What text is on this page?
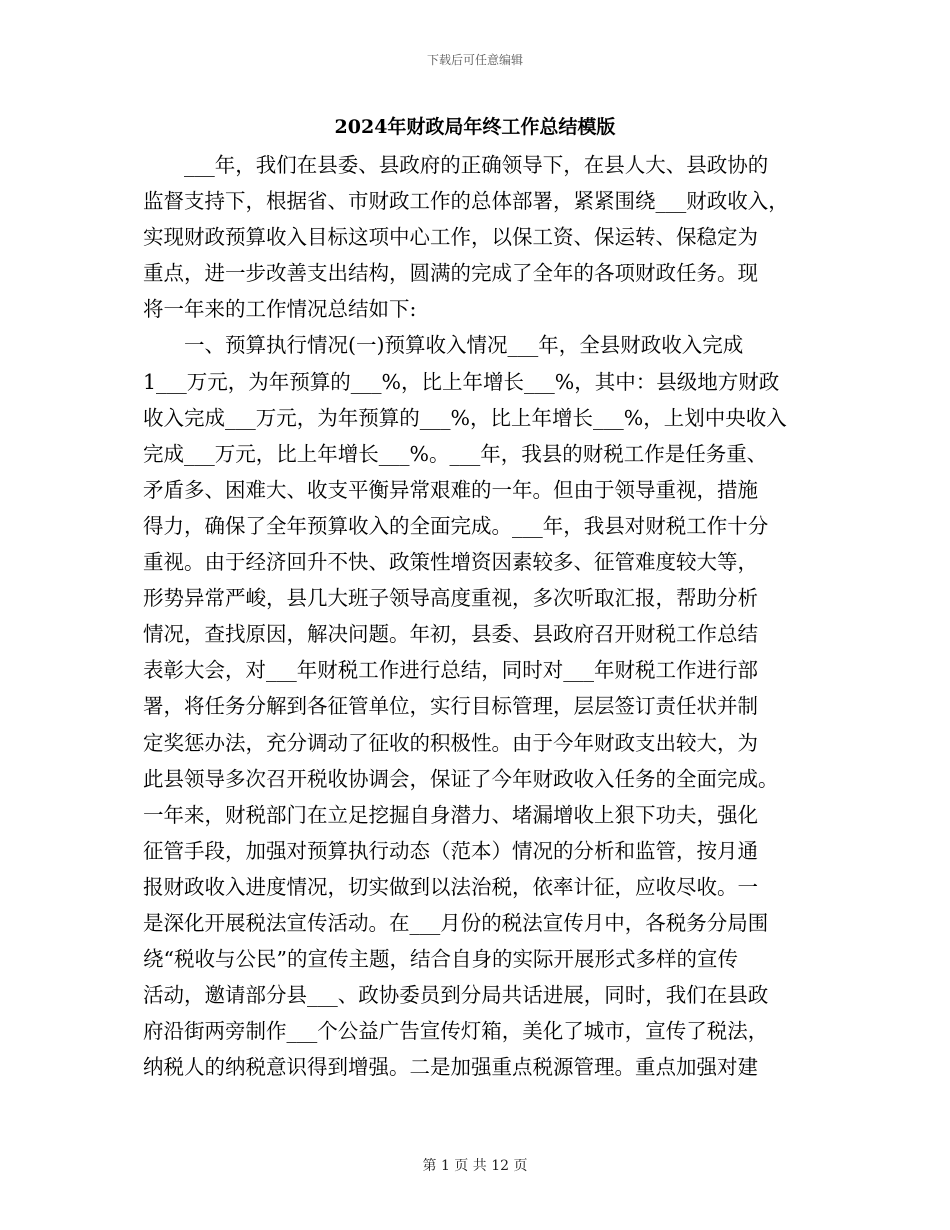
下载后可任意编辑
2024年财政局年终工作总结模版
___年，我们在县委、县政府的正确领导下，在县人大、县政协的
监督支持下，根据省、市财政工作的总体部署，紧紧围绕___财政收入，
实现财政预算收入目标这项中心工作，以保工资、保运转、保稳定为
重点，进一步改善支出结构，圆满的完成了全年的各项财政任务。现
将一年来的工作情况总结如下:
一、预算执行情况(一)预算收入情况___年，全县财政收入完成
1___万元，为年预算的___%，比上年增长___%，其中：县级地方财政
收入完成___万元，为年预算的___%，比上年增长___%，上划中央收入
完成___万元，比上年增长___%。___年，我县的财税工作是任务重、
矛盾多、困难大、收支平衡异常艰难的一年。但由于领导重视，措施
得力，确保了全年预算收入的全面完成。___年，我县对财税工作十分
重视。由于经济回升不快、政策性增资因素较多、征管难度较大等，
形势异常严峻，县几大班子领导高度重视，多次听取汇报，帮助分析
情况，查找原因，解决问题。年初，县委、县政府召开财税工作总结
表彰大会，对___年财税工作进行总结，同时对___年财税工作进行部
署，将任务分解到各征管单位，实行目标管理，层层签订责任状并制
定奖惩办法，充分调动了征收的积极性。由于今年财政支出较大，为
此县领导多次召开税收协调会，保证了今年财政收入任务的全面完成。
一年来，财税部门在立足挖掘自身潜力、堵漏增收上狠下功夫，强化
征管手段，加强对预算执行动态（范本）情况的分析和监管，按月通
报财政收入进度情况，切实做到以法治税，依率计征，应收尽收。一
是深化开展税法宣传活动。在___月份的税法宣传月中，各税务分局围
绕“税收与公民”的宣传主题，结合自身的实际开展形式多样的宣传
活动，邀请部分县___、政协委员到分局共话进展，同时，我们在县政
府沿街两旁制作___个公益广告宣传灯箱，美化了城市，宣传了税法，
纳税人的纳税意识得到增强。二是加强重点税源管理。重点加强对建
第 1 页 共 12 页
